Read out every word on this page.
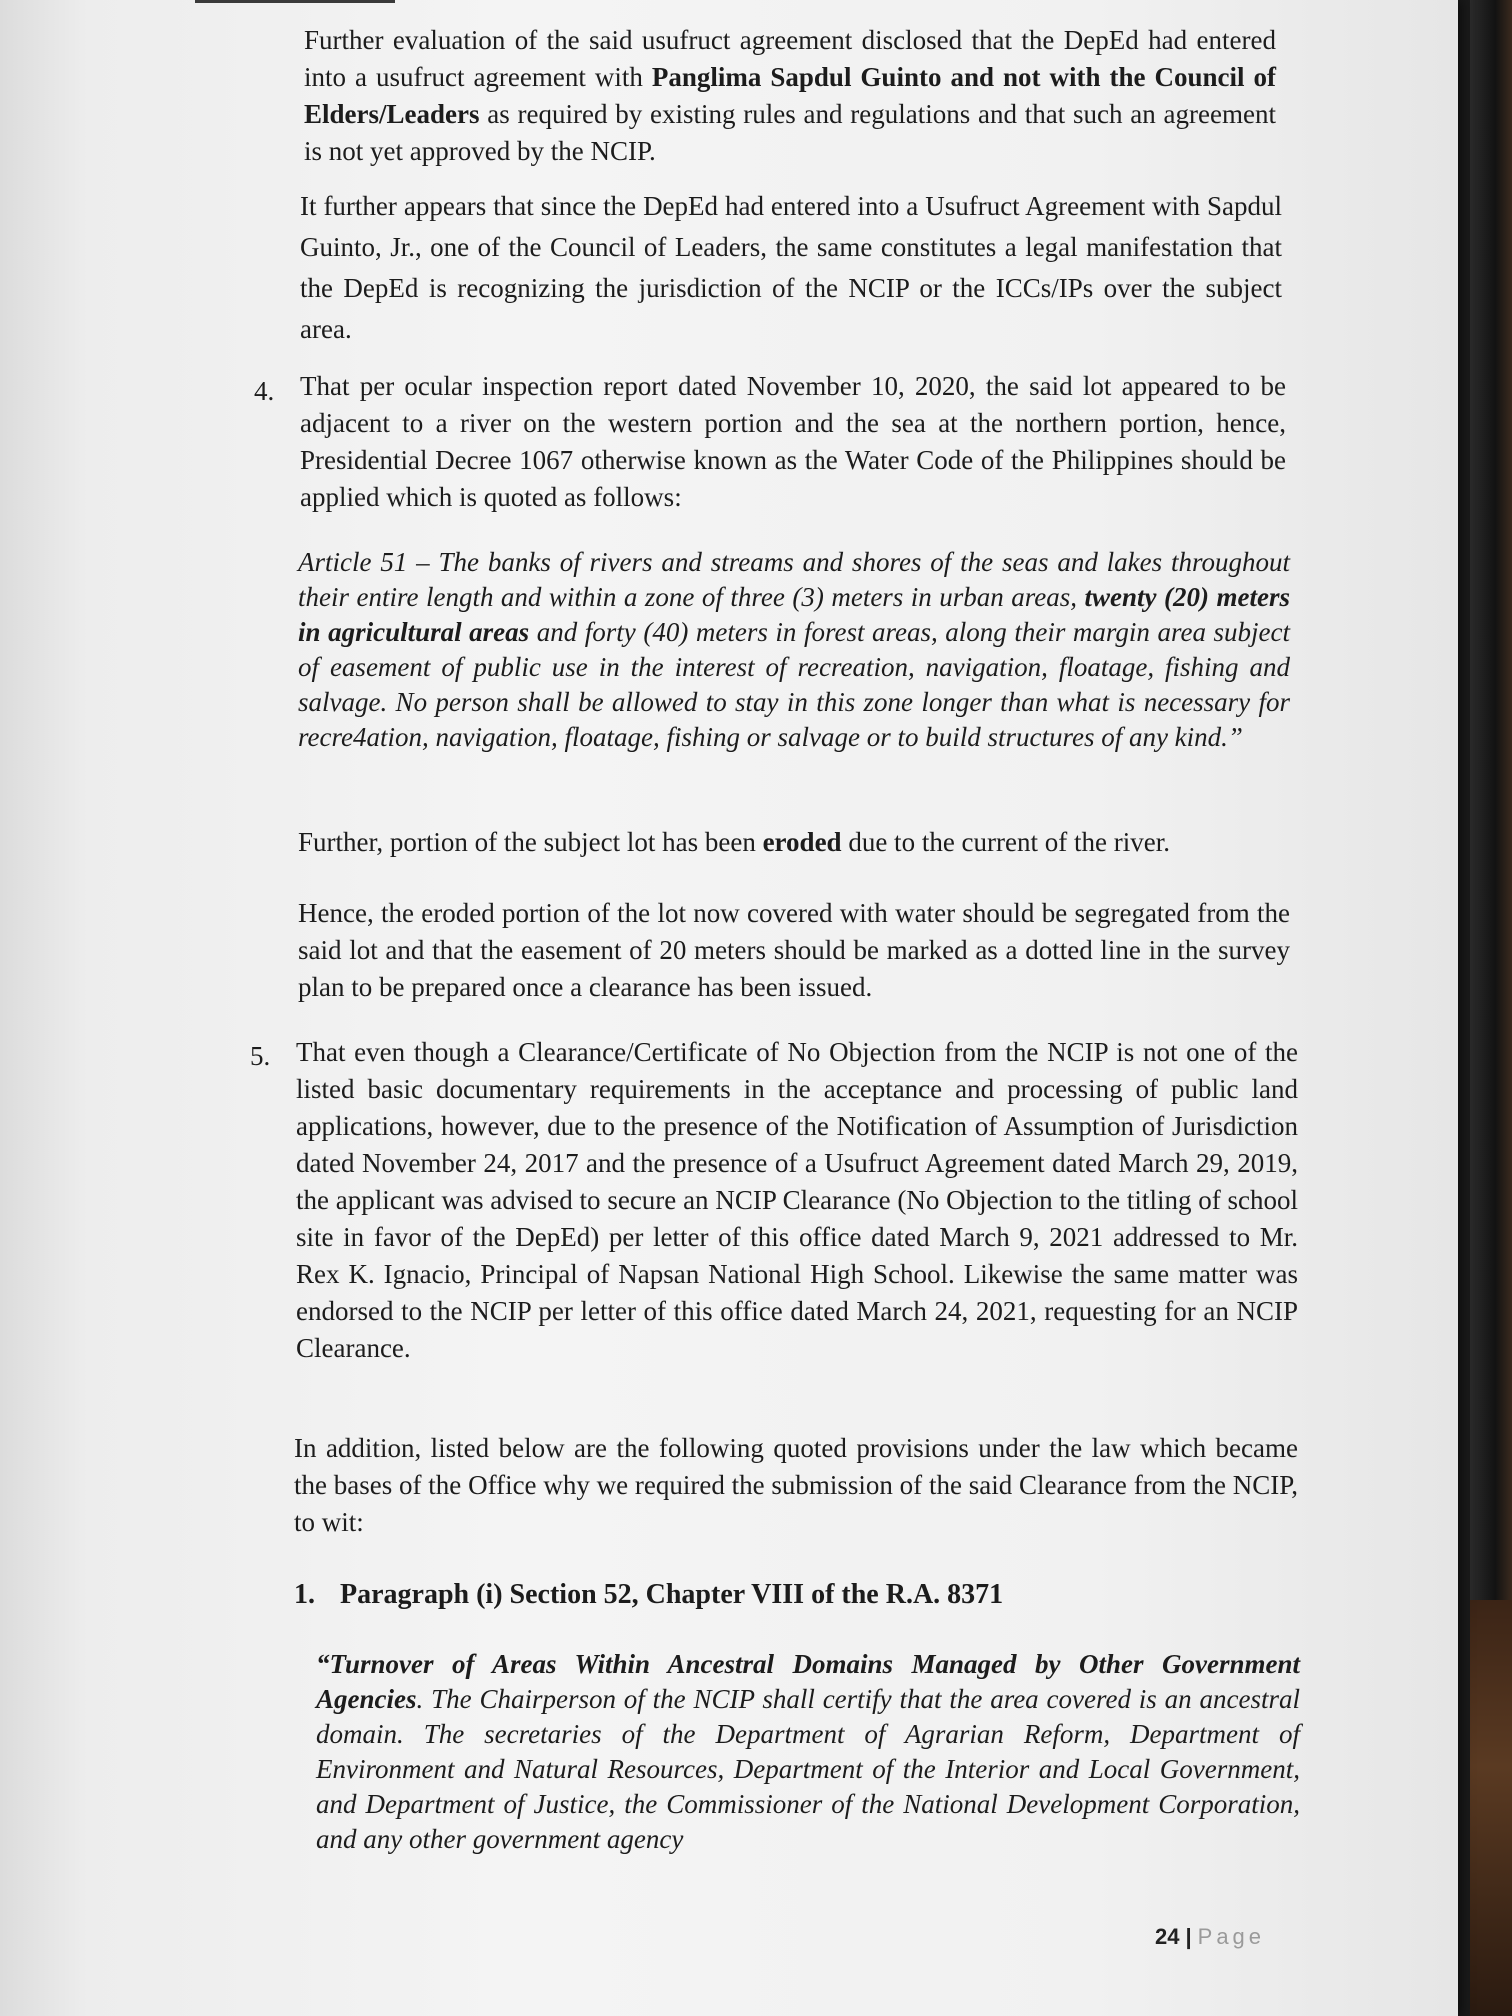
Further evaluation of the said usufruct agreement disclosed that the DepEd had entered into a usufruct agreement with Panglima Sapdul Guinto and not with the Council of Elders/Leaders as required by existing rules and regulations and that such an agreement is not yet approved by the NCIP.

It further appears that since the DepEd had entered into a Usufruct Agreement with Sapdul Guinto, Jr., one of the Council of Leaders, the same constitutes a legal manifestation that the DepEd is recognizing the jurisdiction of the NCIP or the ICCs/IPs over the subject area.

4. That per ocular inspection report dated November 10, 2020, the said lot appeared to be adjacent to a river on the western portion and the sea at the northern portion, hence, Presidential Decree 1067 otherwise known as the Water Code of the Philippines should be applied which is quoted as follows:

Article 51 – The banks of rivers and streams and shores of the seas and lakes throughout their entire length and within a zone of three (3) meters in urban areas, twenty (20) meters in agricultural areas and forty (40) meters in forest areas, along their margin area subject of easement of public use in the interest of recreation, navigation, floatage, fishing and salvage. No person shall be allowed to stay in this zone longer than what is necessary for recre4ation, navigation, floatage, fishing or salvage or to build structures of any kind.”

Further, portion of the subject lot has been eroded due to the current of the river.

Hence, the eroded portion of the lot now covered with water should be segregated from the said lot and that the easement of 20 meters should be marked as a dotted line in the survey plan to be prepared once a clearance has been issued.

5. That even though a Clearance/Certificate of No Objection from the NCIP is not one of the listed basic documentary requirements in the acceptance and processing of public land applications, however, due to the presence of the Notification of Assumption of Jurisdiction dated November 24, 2017 and the presence of a Usufruct Agreement dated March 29, 2019, the applicant was advised to secure an NCIP Clearance (No Objection to the titling of school site in favor of the DepEd) per letter of this office dated March 9, 2021 addressed to Mr. Rex K. Ignacio, Principal of Napsan National High School. Likewise the same matter was endorsed to the NCIP per letter of this office dated March 24, 2021, requesting for an NCIP Clearance.

In addition, listed below are the following quoted provisions under the law which became the bases of the Office why we required the submission of the said Clearance from the NCIP, to wit:

1. Paragraph (i) Section 52, Chapter VIII of the R.A. 8371

“Turnover of Areas Within Ancestral Domains Managed by Other Government Agencies. The Chairperson of the NCIP shall certify that the area covered is an ancestral domain. The secretaries of the Department of Agrarian Reform, Department of Environment and Natural Resources, Department of the Interior and Local Government, and Department of Justice, the Commissioner of the National Development Corporation, and any other government agency

24 | Page
